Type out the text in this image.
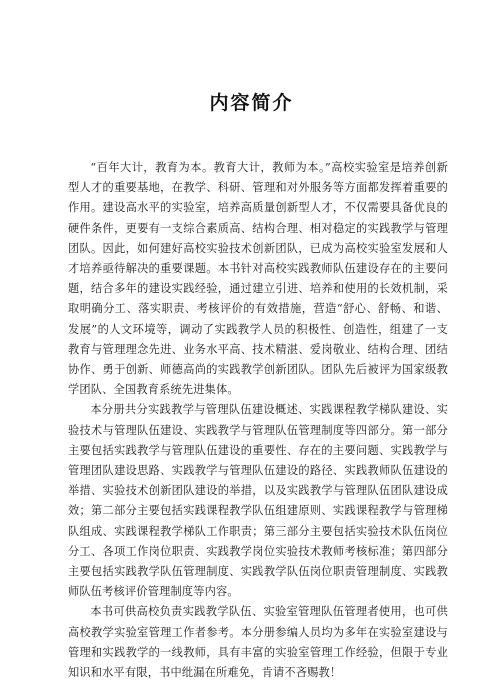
内容简介

“百年大计，教育为本。教育大计，教师为本。”高校实验室是培养创新型人才的重要基地，在教学、科研、管理和对外服务等方面都发挥着重要的作用。建设高水平的实验室，培养高质量创新型人才，不仅需要具备优良的硬件条件，更要有一支综合素质高、结构合理、相对稳定的实践教学与管理团队。因此，如何建好高校实验技术创新团队，已成为高校实验室发展和人才培养亟待解决的重要课题。本书针对高校实践教师队伍建设存在的主要问题，结合多年的建设实践经验，通过建立引进、培养和使用的长效机制，采取明确分工、落实职责、考核评价的有效措施，营造“舒心、舒畅、和谐、发展”的人文环境等，调动了实践教学人员的积极性、创造性，组建了一支教育与管理理念先进、业务水平高、技术精湛、爱岗敬业、结构合理、团结协作、勇于创新、师德高尚的实践教学创新团队。团队先后被评为国家级教学团队、全国教育系统先进集体。

本分册共分实践教学与管理队伍建设概述、实践课程教学梯队建设、实验技术与管理队伍建设、实践教学与管理队伍管理制度等四部分。第一部分主要包括实践教学与管理队伍建设的重要性、存在的主要问题、实践教学与管理团队建设思路、实践教学与管理队伍建设的路径、实践教师队伍建设的举措、实验技术创新团队建设的举措，以及实践教学与管理队伍团队建设成效；第二部分主要包括实践课程教学队伍组建原则、实践课程教学与管理梯队组成、实践课程教学梯队工作职责；第三部分主要包括实验技术队伍岗位分工、各项工作岗位职责、实践教学岗位实验技术教师考核标准；第四部分主要包括实践教学队伍管理制度、实践教学队伍岗位职责管理制度、实践教师队伍考核评价管理制度等内容。

本书可供高校负责实践教学队伍、实验室管理队伍管理者使用，也可供高校教学实验室管理工作者参考。本分册参编人员均为多年在实验室建设与管理和实践教学的一线教师，具有丰富的实验室管理工作经验，但限于专业知识和水平有限，书中纰漏在所难免，肯请不吝赐教！
